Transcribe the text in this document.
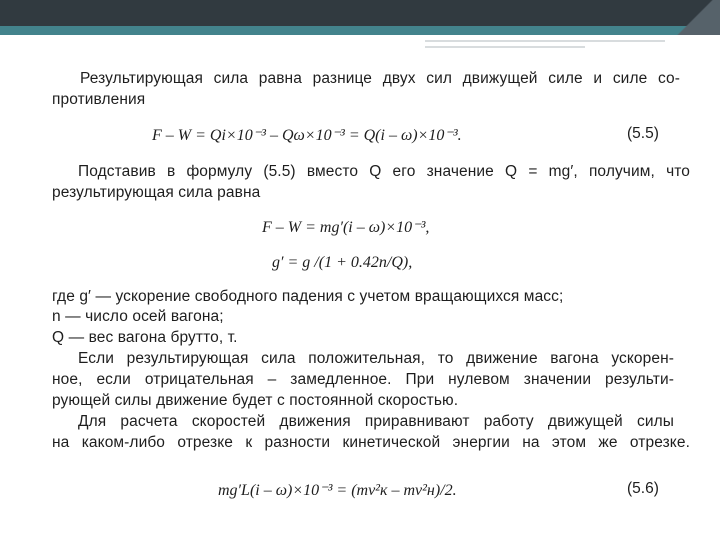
Результирующая сила равна разнице двух сил движущей силе и силе со-
противления
F – W = Qi×10⁻³ – Qω×10⁻³ = Q(i – ω)×10⁻³.	(5.5)
Подставив в формулу (5.5) вместо Q его значение Q = mg′, получим, что
результирующая сила равна
F – W = mg′(i – ω)×10⁻³,
g′ = g /(1 + 0.42n/Q),
где g′ — ускорение свободного падения с учетом вращающихся масс;
n — число осей вагона;
Q — вес вагона брутто, т.
Если результирующая сила положительная, то движение вагона ускорен-
ное, если отрицательная – замедленное. При нулевом значении результи-
рующей силы движение будет с постоянной скоростью.
Для расчета скоростей движения приравнивают работу движущей силы
на каком-либо отрезке к разности кинетической энергии на этом же отрезке.
mg′L(i – ω)×10⁻³ = (mv²к – mv²н)/2.	(5.6)
